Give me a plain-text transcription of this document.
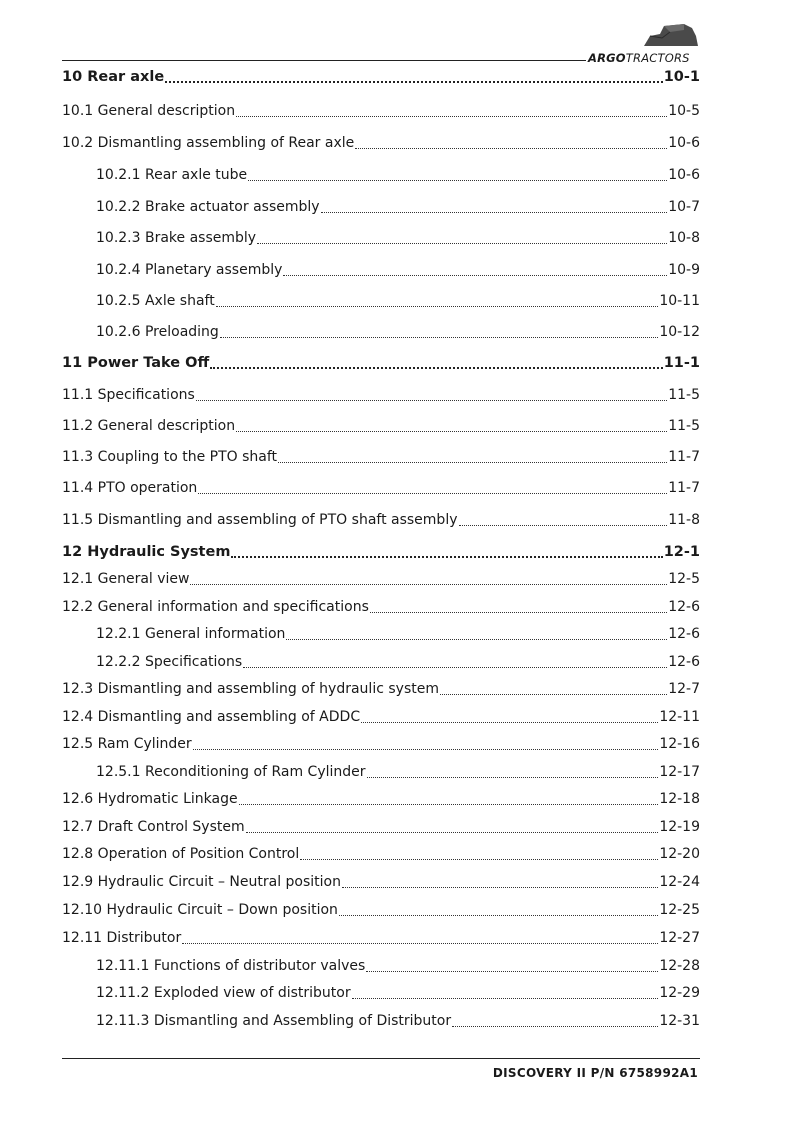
ARGOTRACTORS
10 Rear axle	10-1
10.1 General description	10-5
10.2 Dismantling assembling of Rear axle	10-6
10.2.1 Rear axle tube	10-6
10.2.2 Brake actuator assembly	10-7
10.2.3 Brake assembly	10-8
10.2.4 Planetary assembly	10-9
10.2.5 Axle shaft	10-11
10.2.6 Preloading	10-12
11 Power Take Off	11-1
11.1 Specifications	11-5
11.2 General description	11-5
11.3 Coupling to the PTO shaft	11-7
11.4 PTO operation	11-7
11.5 Dismantling and assembling of PTO shaft assembly	11-8
12 Hydraulic System	12-1
12.1 General view	12-5
12.2 General information and specifications	12-6
12.2.1 General information	12-6
12.2.2 Specifications	12-6
12.3 Dismantling and assembling of hydraulic system	12-7
12.4 Dismantling and assembling of ADDC	12-11
12.5 Ram Cylinder	12-16
12.5.1 Reconditioning of Ram Cylinder	12-17
12.6 Hydromatic Linkage	12-18
12.7 Draft Control System	12-19
12.8 Operation of Position Control	12-20
12.9 Hydraulic Circuit – Neutral position	12-24
12.10 Hydraulic Circuit – Down position	12-25
12.11 Distributor	12-27
12.11.1 Functions of distributor valves	12-28
12.11.2 Exploded view of distributor	12-29
12.11.3 Dismantling and Assembling of Distributor	12-31
DISCOVERY II P/N 6758992A1
